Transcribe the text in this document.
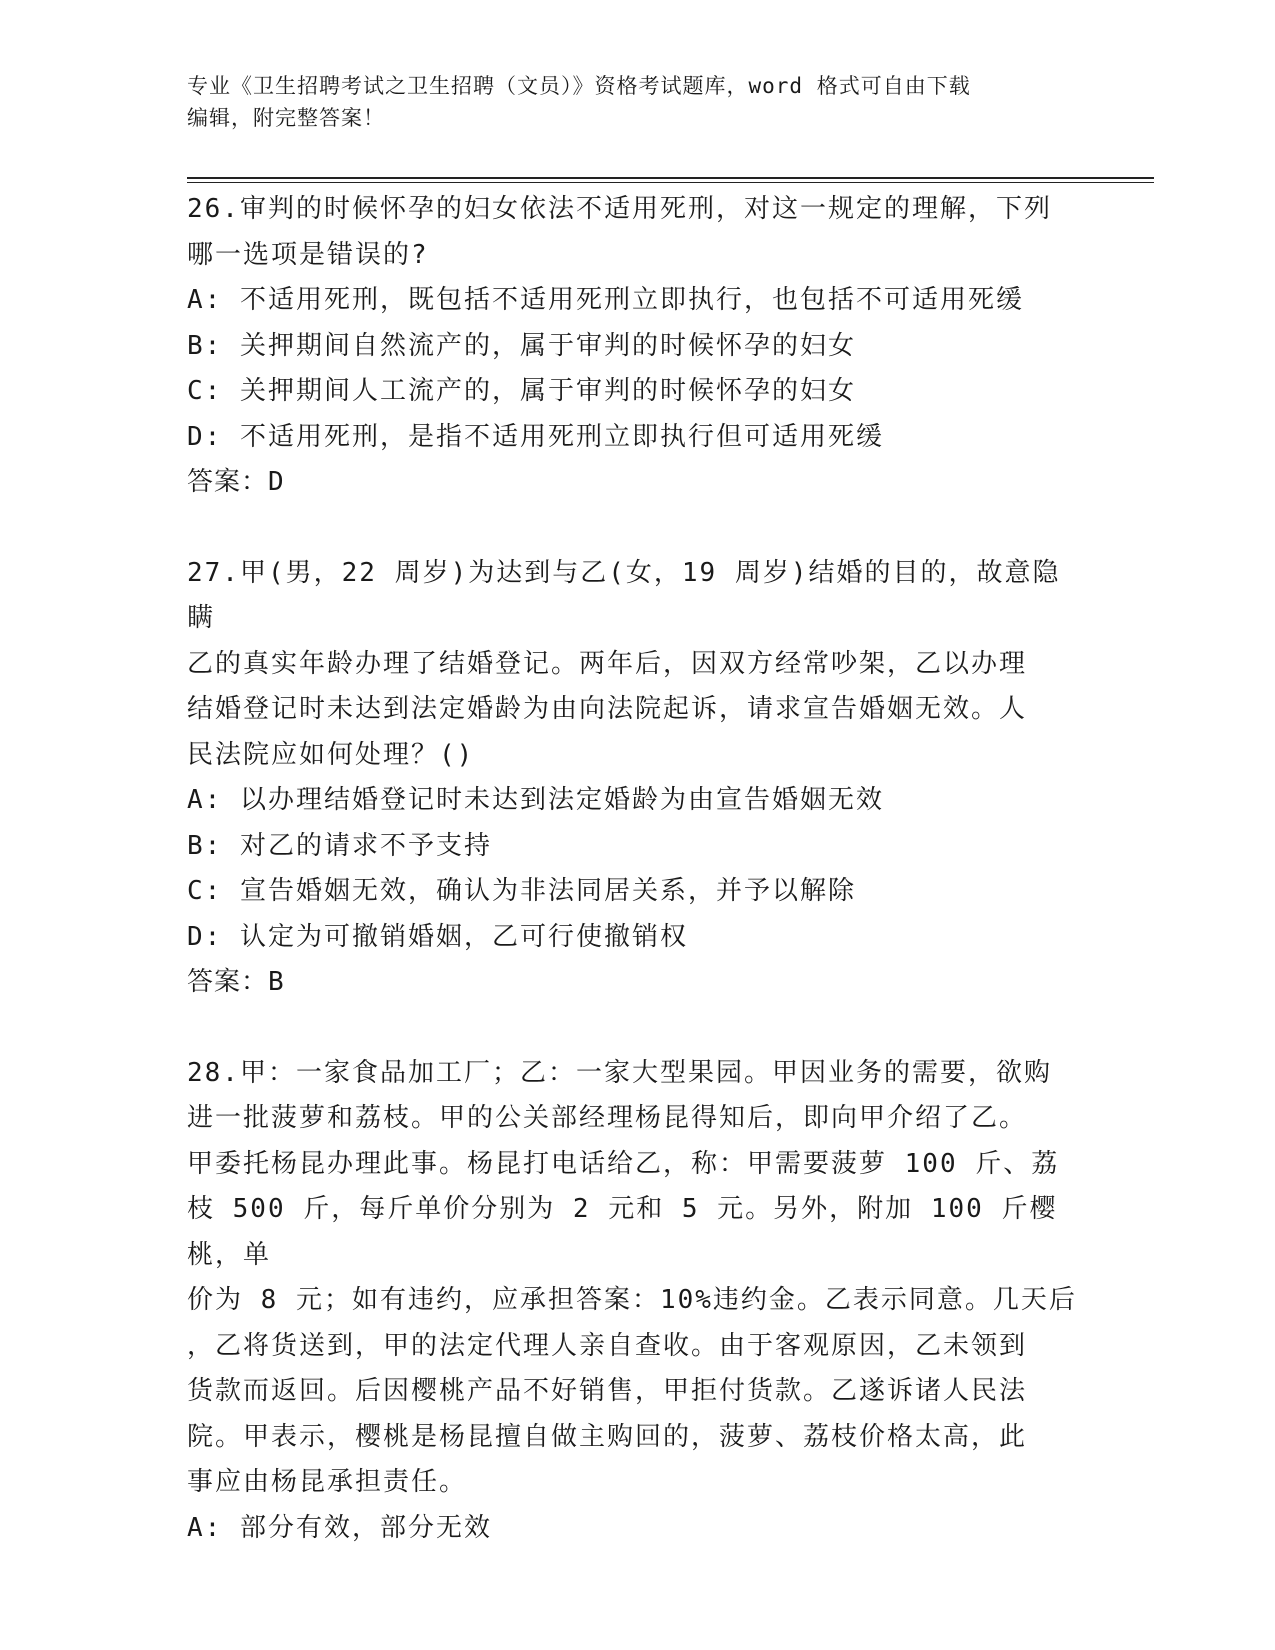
专业《卫生招聘考试之卫生招聘（文员）》资格考试题库，word 格式可自由下载
编辑，附完整答案！

26.审判的时候怀孕的妇女依法不适用死刑，对这一规定的理解，下列

哪一选项是错误的?

A: 不适用死刑，既包括不适用死刑立即执行，也包括不可适用死缓

B: 关押期间自然流产的，属于审判的时候怀孕的妇女

C: 关押期间人工流产的，属于审判的时候怀孕的妇女

D: 不适用死刑，是指不适用死刑立即执行但可适用死缓

答案：D

27.甲(男，22 周岁)为达到与乙(女，19 周岁)结婚的目的，故意隐瞒

乙的真实年龄办理了结婚登记。两年后，因双方经常吵架，乙以办理

结婚登记时未达到法定婚龄为由向法院起诉，请求宣告婚姻无效。人

民法院应如何处理？()

A: 以办理结婚登记时未达到法定婚龄为由宣告婚姻无效

B: 对乙的请求不予支持

C: 宣告婚姻无效，确认为非法同居关系，并予以解除

D: 认定为可撤销婚姻，乙可行使撤销权

答案：B

28.甲：一家食品加工厂；乙：一家大型果园。甲因业务的需要，欲购

进一批菠萝和荔枝。甲的公关部经理杨昆得知后，即向甲介绍了乙。

甲委托杨昆办理此事。杨昆打电话给乙，称：甲需要菠萝 100 斤、荔

枝 500 斤，每斤单价分别为 2 元和 5 元。另外，附加 100 斤樱桃，单

价为 8 元；如有违约，应承担答案：10%违约金。乙表示同意。几天后

，乙将货送到，甲的法定代理人亲自查收。由于客观原因，乙未领到

货款而返回。后因樱桃产品不好销售，甲拒付货款。乙遂诉诸人民法

院。甲表示，樱桃是杨昆擅自做主购回的，菠萝、荔枝价格太高，此

事应由杨昆承担责任。

A: 部分有效，部分无效
